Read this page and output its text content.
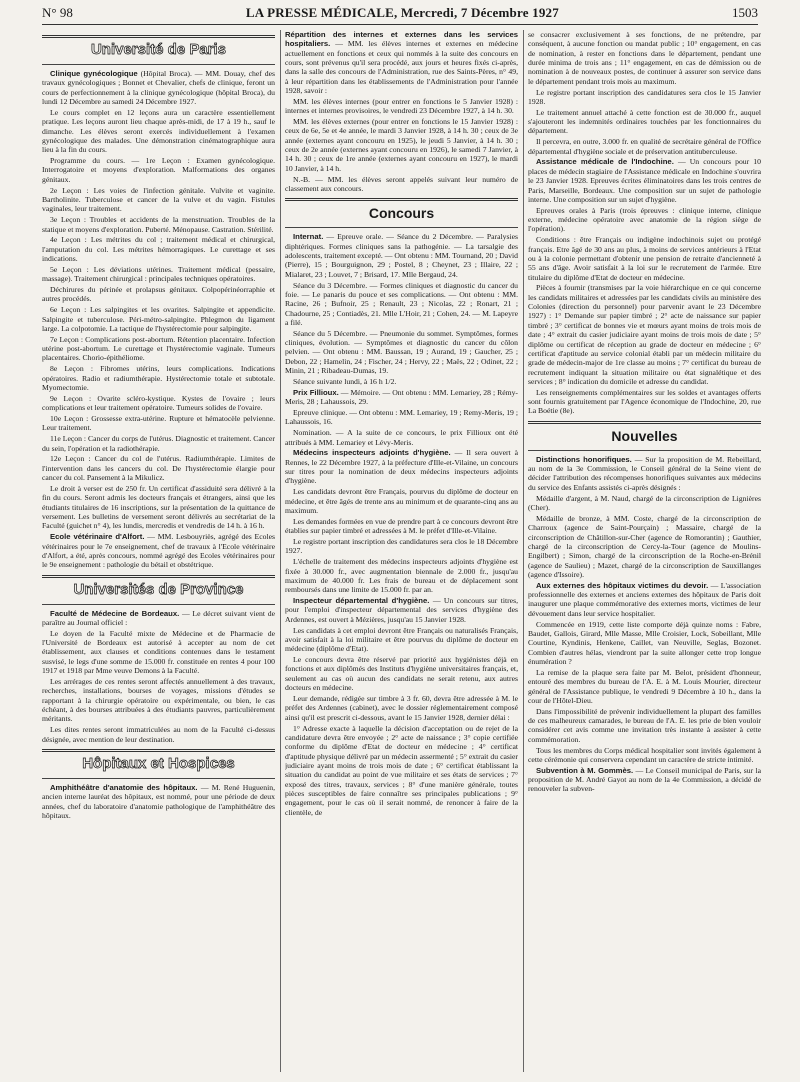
N° 98	LA PRESSE MÉDICALE, Mercredi, 7 Décembre 1927	1503
Université de Paris

Clinique gynécologique (Hôpital Broca). — MM. Douay, chef des travaux gynécologiques ; Bonnet et Chevalier, chefs de clinique, feront un cours de perfectionnement à la clinique gynécologique (hôpital Broca), du lundi 12 Décembre au samedi 24 Décembre 1927.

Le cours complet en 12 leçons aura un caractère essentiellement pratique. Les leçons auront lieu chaque après-midi, de 17 à 19 h., sauf le dimanche. Les élèves seront exercés individuellement à l'examen gynécologique des malades. Une démonstration cinématographique aura lieu à la fin du cours.

Programme du cours. — 1re Leçon : Examen gynécologique. Interrogatoire et moyens d'exploration. Malformations des organes génitaux.

2e Leçon : Les voies de l'infection génitale. Vulvite et vaginite. Bartholinite. Tuberculose et cancer de la vulve et du vagin. Fistules vaginales, leur traitement.

3e Leçon : Troubles et accidents de la menstruation. Troubles de la statique et moyens d'exploration. Puberté. Ménopause. Castration. Stérilité.

4e Leçon : Les métrites du col ; traitement médical et chirurgical, l'amputation du col. Les métrites hémorragiques. Le curettage et ses indications.

5e Leçon : Les déviations utérines. Traitement médical (pessaire, massage). Traitement chirurgical : principales techniques opératoires.

Déchirures du périnée et prolapsus génitaux. Colpopérinéorraphie et autres procédés.

6e Leçon : Les salpingites et les ovarites. Salpingite et appendicite. Salpingite et tuberculose. Péri-métro-salpingite. Phlegmon du ligament large. La colpotomie. La tactique de l'hystérectomie pour salpingite.

7e Leçon : Complications post-abortum. Rétention placentaire. Infection utérine post-abortum. Le curettage et l'hystérectomie vaginale. Tumeurs placentaires. Chorio-épithéliome.

8e Leçon : Fibromes utérins, leurs complications. Indications opératoires. Radio et radiumthérapie. Hystérectomie totale et subtotale. Myomectomie.

9e Leçon : Ovarite scléro-kystique. Kystes de l'ovaire ; leurs complications et leur traitement opératoire. Tumeurs solides de l'ovaire.

10e Leçon : Grossesse extra-utérine. Rupture et hématocèle pelvienne. Leur traitement.

11e Leçon : Cancer du corps de l'utérus. Diagnostic et traitement. Cancer du sein, l'opération et la radiothérapie.

12e Leçon : Cancer du col de l'utérus. Radiumthérapie. Limites de l'intervention dans les cancers du col. De l'hystérectomie élargie pour cancer du col. Pansement à la Mikulicz.

Le droit à verser est de 250 fr. Un certificat d'assiduité sera délivré à la fin du cours. Seront admis les docteurs français et étrangers, ainsi que les étudiants titulaires de 16 inscriptions, sur la présentation de la quittance de versement. Les bulletins de versement seront délivrés au secrétariat de la Faculté (guichet n° 4), les lundis, mercredis et vendredis de 14 h. à 16 h.

Ecole vétérinaire d'Alfort. — MM. Lesbouyriès, agrégé des Ecoles vétérinaires pour le 7e enseignement, chef de travaux à l'Ecole vétérinaire d'Alfort, a été, après concours, nommé agrégé des Ecoles vétérinaires pour le 9e enseignement : pathologie du bétail et obstétrique.

Universités de Province

Faculté de Médecine de Bordeaux. — Le décret suivant vient de paraître au Journal officiel :

Le doyen de la Faculté mixte de Médecine et de Pharmacie de l'Université de Bordeaux est autorisé à accepter au nom de cet établissement, aux clauses et conditions contenues dans le testament susvisé, le legs d'une somme de 15.000 fr. constituée en rentes 4 pour 100 1917 et 1918 par Mme veuve Demons à la Faculté.

Les arrérages de ces rentes seront affectés annuellement à des travaux, recherches, installations, bourses de voyages, missions d'études se rapportant à la chirurgie opératoire ou expérimentale, ou bien, le cas échéant, à des bourses attribuées à des étudiants pauvres, particulièrement méritants.

Les dites rentes seront immatriculées au nom de la Faculté ci-dessus désignée, avec mention de leur destination.

Hôpitaux et Hospices

Amphithéâtre d'anatomie des hôpitaux. — M. René Huguenin, ancien interne lauréat des hôpitaux, est nommé, pour une période de deux années, chef du laboratoire d'anatomie pathologique de l'amphithéâtre des hôpitaux.

Répartition des internes et externes dans les services hospitaliers. — MM. les élèves internes et externes en médecine actuellement en fonctions et ceux qui nommés à la suite des concours en cours, sont prévenus qu'il sera procédé, aux jours et heures fixés ci-après, dans la salle des concours de l'Administration, rue des Saints-Pères, n° 49, à leur répartition dans les établissements de l'Administration pour l'année 1928, savoir :

MM. les élèves internes (pour entrer en fonctions le 5 Janvier 1928) : internes et internes provisoires, le vendredi 23 Décembre 1927, à 14 h. 30.

MM. les élèves externes (pour entrer en fonctions le 15 Janvier 1928) : ceux de 6e, 5e et 4e année, le mardi 3 Janvier 1928, à 14 h. 30 ; ceux de 3e année (externes ayant concouru en 1925), le jeudi 5 Janvier, à 14 h. 30 ; ceux de 2e année (externes ayant concouru en 1926), le samedi 7 Janvier, à 14 h. 30 ; ceux de 1re année (externes ayant concouru en 1927), le mardi 10 Janvier, à 14 h.

N.-B. — MM. les élèves seront appelés suivant leur numéro de classement aux concours.

Concours

Internat. — Epreuve orale. — Séance du 2 Décembre. — Paralysies diphtériques. Formes cliniques sans la pathogénie. — La tarsalgie des adolescents, traitement excepté. — Ont obtenu : MM. Tournand, 20 ; David (Pierre), 15 ; Bourguignon, 29 ; Postel, 8 ; Cheynet, 23 ; Illaire, 22 ; Mialaret, 23 ; Louvet, 7 ; Brisard, 17. Mlle Bergaud, 24.

Séance du 3 Décembre. — Formes cliniques et diagnostic du cancer du foie. — Le panaris du pouce et ses complications. — Ont obtenu : MM. Racine, 26 ; Bufnoir, 25 ; Renault, 23 ; Nicolas, 22 ; Ronart, 21 ; Chadourne, 25 ; Contiadès, 21. Mlle L'Hoir, 21 ; Cohen, 24. — M. Lapeyre a filé.

Séance du 5 Décembre. — Pneumonie du sommet. Symptômes, formes cliniques, évolution. — Symptômes et diagnostic du cancer du côlon pelvien. — Ont obtenu : MM. Baussan, 19 ; Aurand, 19 ; Gaucher, 25 ; Debon, 22 ; Hamelin, 24 ; Fischer, 24 ; Hervy, 22 ; Maës, 22 ; Odinet, 22 ; Minin, 21 ; Ribadeau-Dumas, 19.

Séance suivante lundi, à 16 h 1/2.

Prix Fillioux. — Mémoire. — Ont obtenu : MM. Lemariey, 28 ; Rémy-Meris, 28 ; Lahaussois, 29.

Epreuve clinique. — Ont obtenu : MM. Lemariey, 19 ; Remy-Meris, 19 ; Lahaussois, 16.

Nomination. — A la suite de ce concours, le prix Fillioux ont été attribués à MM. Lemariey et Lévy-Meris.

Médecins inspecteurs adjoints d'hygiène. — Il sera ouvert à Rennes, le 22 Décembre 1927, à la préfecture d'Ille-et-Vilaine, un concours sur titres pour la nomination de deux médecins inspecteurs adjoints d'hygiène.

Les candidats devront être Français, pourvus du diplôme de docteur en médecine, et être âgés de trente ans au minimum et de quarante-cinq ans au maximum.

Les demandes formées en vue de prendre part à ce concours devront être établies sur papier timbré et adressées à M. le préfet d'Ille-et-Vilaine.

Le registre portant inscription des candidatures sera clos le 18 Décembre 1927.

L'échelle de traitement des médecins inspecteurs adjoints d'hygiène est fixée à 30.000 fr., avec augmentation biennale de 2.000 fr., jusqu'au maximum de 40.000 fr. Les frais de bureau et de déplacement sont remboursés dans une limite de 15.000 fr. par an.

Inspecteur départemental d'hygiène. — Un concours sur titres, pour l'emploi d'inspecteur départemental des services d'hygiène des Ardennes, est ouvert à Mézières, jusqu'au 15 Janvier 1928.

Les candidats à cet emploi devront être Français ou naturalisés Français, avoir satisfait à la loi militaire et être pourvus du diplôme de docteur en médecine (diplôme d'Etat).

Le concours devra être réservé par priorité aux hygiénistes déjà en fonctions et aux diplômés des Instituts d'hygiène universitaires français, et, seulement au cas où aucun des candidats ne serait retenu, aux autres docteurs en médecine.

Leur demande, rédigée sur timbre à 3 fr. 60, devra être adressée à M. le préfet des Ardennes (cabinet), avec le dossier réglementairement composé ainsi qu'il est prescrit ci-dessous, avant le 15 Janvier 1928, dernier délai :

1° Adresse exacte à laquelle la décision d'acceptation ou de rejet de la candidature devra être envoyée ; 2° acte de naissance ; 3° copie certifiée conforme du diplôme d'Etat de docteur en médecine ; 4° certificat d'aptitude physique délivré par un médecin assermenté ; 5° extrait du casier judiciaire ayant moins de trois mois de date ; 6° certificat établissant la situation du candidat au point de vue militaire et ses états de services ; 7° exposé des titres, travaux, services ; 8° d'une manière générale, toutes pièces susceptibles de faire connaître ses principales publications ; 9° engagement, pour le cas où il serait nommé, de renoncer à faire de la clientèle, de

se consacrer exclusivement à ses fonctions, de ne prétendre, par conséquent, à aucune fonction ou mandat public ; 10° engagement, en cas de nomination, à rester en fonctions dans le département, pendant une durée minima de trois ans ; 11° engagement, en cas de démission ou de nomination à de nouveaux postes, de continuer à assurer son service dans le département pendant trois mois au maximum.

Le registre portant inscription des candidatures sera clos le 15 Janvier 1928.

Le traitement annuel attaché à cette fonction est de 30.000 fr., auquel s'ajouteront les indemnités ordinaires touchées par les fonctionnaires du département.

Il percevra, en outre, 3.000 fr. en qualité de secrétaire général de l'Office départemental d'hygiène sociale et de préservation antituberculeuse.

Assistance médicale de l'Indochine. — Un concours pour 10 places de médecin stagiaire de l'Assistance médicale en Indochine s'ouvrira le 23 Janvier 1928. Epreuves écrites éliminatoires dans les trois centres de Paris, Marseille, Bordeaux. Une composition sur un sujet de pathologie interne. Une composition sur un sujet d'hygiène.

Epreuves orales à Paris (trois épreuves : clinique interne, clinique externe, médecine opératoire avec anatomie de la région siège de l'opération).

Conditions : être Français ou indigène indochinois sujet ou protégé français. Etre âgé de 30 ans au plus, à moins de services antérieurs à l'Etat ou à la colonie permettant d'obtenir une pension de retraite d'ancienneté à 55 ans d'âge. Avoir satisfait à la loi sur le recrutement de l'armée. Etre titulaire du diplôme d'Etat de docteur en médecine.

Pièces à fournir (transmises par la voie hiérarchique en ce qui concerne les candidats militaires et adressées par les candidats civils au ministère des Colonies (direction du personnel) pour parvenir avant le 23 Décembre 1927) : 1° Demande sur papier timbré ; 2° acte de naissance sur papier timbré ; 3° certificat de bonnes vie et mœurs ayant moins de trois mois de date ; 4° extrait du casier judiciaire ayant moins de trois mois de date ; 5° diplôme ou certificat de réception au grade de docteur en médecine ; 6° certificat d'aptitude au service colonial établi par un médecin militaire du grade de médecin-major de 1re classe au moins ; 7° certificat du bureau de recrutement indiquant la situation militaire ou état signalétique et des services ; 8° indication du domicile et adresse du candidat.

Les renseignements complémentaires sur les soldes et avantages offerts sont fournis gratuitement par l'Agence économique de l'Indochine, 20, rue La Boétie (8e).

Nouvelles

Distinctions honorifiques. — Sur la proposition de M. Rebeillard, au nom de la 3e Commission, le Conseil général de la Seine vient de décider l'attribution des récompenses honorifiques suivantes aux médecins du service des Enfants assistés ci-après désignés :

Médaille d'argent, à M. Naud, chargé de la circonscription de Lignières (Cher).

Médaille de bronze, à MM. Coste, chargé de la circonscription de Charroux (agence de Saint-Pourçain) ; Massaire, chargé de la circonscription de Châtillon-sur-Cher (agence de Romorantin) ; Gauthier, chargé de la circonscription de Cercy-la-Tour (agence de Moulins-Engilbert) ; Simon, chargé de la circonscription de la Roche-en-Brénil (agence de Saulieu) ; Mazet, chargé de la circonscription de Sauxillanges (agence d'Issoire).

Aux externes des hôpitaux victimes du devoir. — L'association professionnelle des externes et anciens externes des hôpitaux de Paris doit inaugurer une plaque commémorative des externes morts, victimes de leur dévouement dans leur service hospitalier.

Commencée en 1919, cette liste comporte déjà quinze noms : Fabre, Baudet, Gallois, Girard, Mlle Masse, Mlle Croisier, Lock, Sobeillant, Mlle Courtine, Kyndinis, Henkene, Caillet, van Neuville, Seglas, Bozonet. Combien d'autres hélas, viendront par la suite allonger cette trop longue énumération ?

La remise de la plaque sera faite par M. Belot, président d'honneur, entouré des membres du bureau de l'A. E. à M. Louis Mourier, directeur général de l'Assistance publique, le vendredi 9 Décembre à 10 h., dans la cour de l'Hôtel-Dieu.

Dans l'impossibilité de prévenir individuellement la plupart des familles de ces malheureux camarades, le bureau de l'A. E. les prie de bien vouloir considérer cet avis comme une invitation très instante à assister à cette commémoration.

Tous les membres du Corps médical hospitalier sont invités également à cette cérémonie qui conservera cependant un caractère de stricte intimité.

Subvention à M. Gommès. — Le Conseil municipal de Paris, sur la proposition de M. André Gayot au nom de la 4e Commission, a décidé de renouveler la subven-
